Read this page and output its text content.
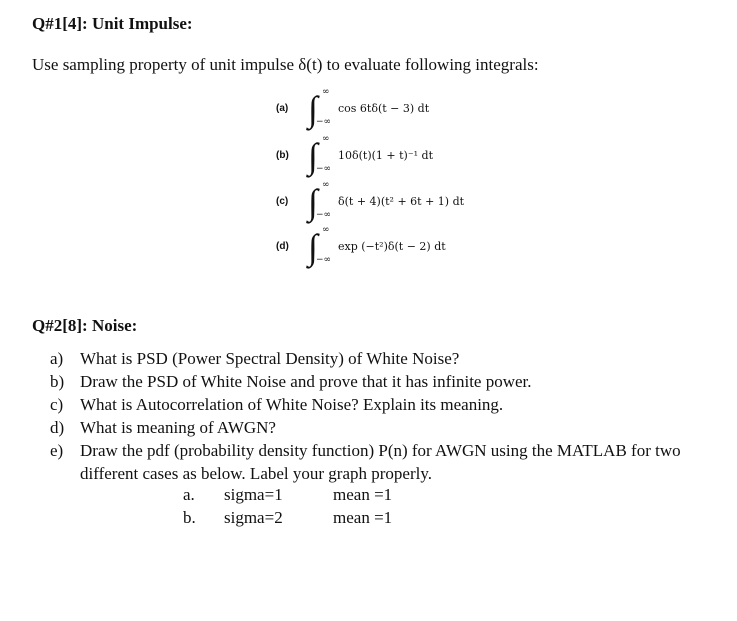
Q#1[4]: Unit Impulse:
Use sampling property of unit impulse δ(t) to evaluate following integrals:
(a) ∫ ∞
−∞
cos 6tδ(t − 3) dt
(b) ∫ ∞
−∞
10δ(t)(1 + t)⁻¹ dt
(c) ∫ ∞
−∞
δ(t + 4)(t² + 6t + 1) dt
(d) ∫ ∞
−∞
exp (−t²)δ(t − 2) dt
Q#2[8]: Noise:
a) What is PSD (Power Spectral Density) of White Noise?
b) Draw the PSD of White Noise and prove that it has infinite power.
c) What is Autocorrelation of White Noise? Explain its meaning.
d) What is meaning of AWGN?
e) Draw the pdf (probability density function) P(n) for AWGN using the MATLAB for two
different cases as below. Label your graph properly.
a. sigma=1	mean =1
b. sigma=2	mean =1
